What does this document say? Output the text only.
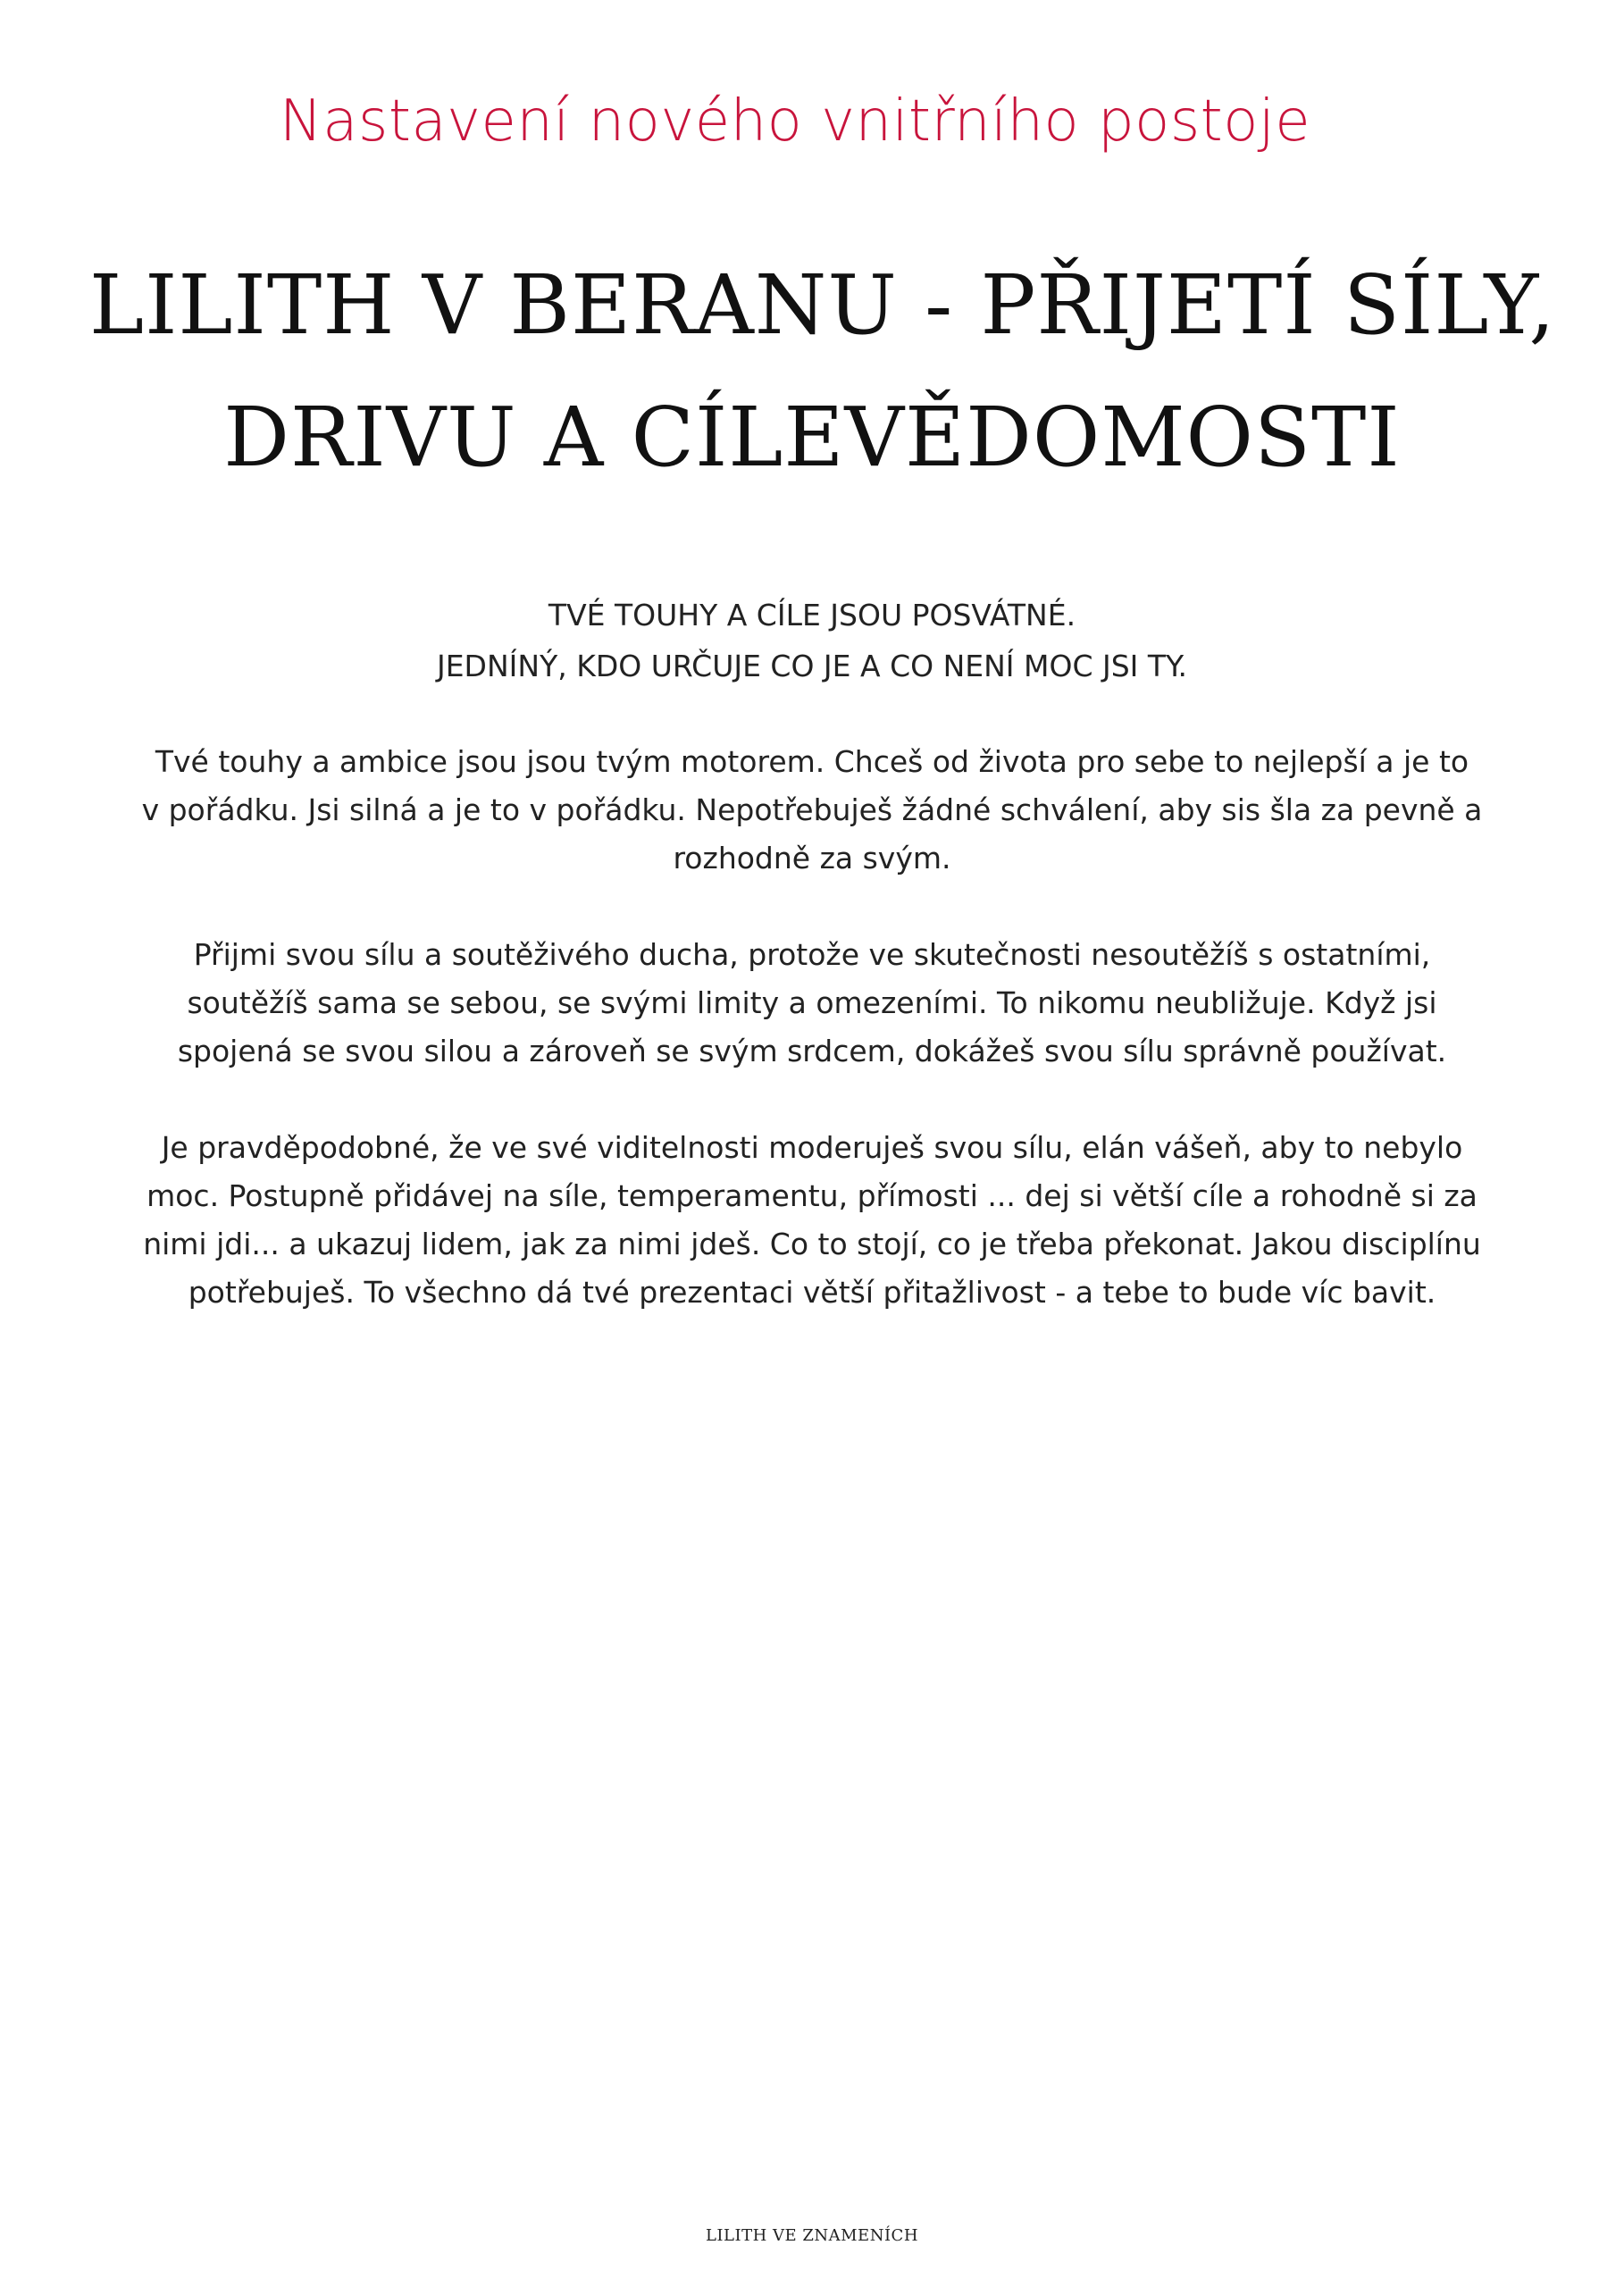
Nastavení nového vnitřního postoje
LILITH V BERANU - PŘIJETÍ SÍLY,
DRIVU A CÍLEVĚDOMOSTI

TVÉ TOUHY A CÍLE JSOU POSVÁTNÉ.

JEDNÍNÝ, KDO URČUJE CO JE A CO NENÍ MOC JSI TY.

Tvé touhy a ambice jsou jsou tvým motorem. Chceš od života pro sebe to nejlepší a je to
v pořádku. Jsi silná a je to v pořádku. Nepotřebuješ žádné schválení, aby sis šla za pevně a
rozhodně za svým.

Přijmi svou sílu a soutěživého ducha, protože ve skutečnosti nesoutěžíš s ostatními,
soutěžíš sama se sebou, se svými limity a omezeními. To nikomu neubližuje. Když jsi
spojená se svou silou a zároveň se svým srdcem, dokážeš svou sílu správně používat.

Je pravděpodobné, že ve své viditelnosti moderuješ svou sílu, elán vášeň, aby to nebylo
moc. Postupně přidávej na síle, temperamentu, přímosti ... dej si větší cíle a rohodně si za
nimi jdi... a ukazuj lidem, jak za nimi jdeš. Co to stojí, co je třeba překonat. Jakou disciplínu
potřebuješ. To všechno dá tvé prezentaci větší přitažlivost - a tebe to bude víc bavit.

LILITH VE ZNAMENÍCH
